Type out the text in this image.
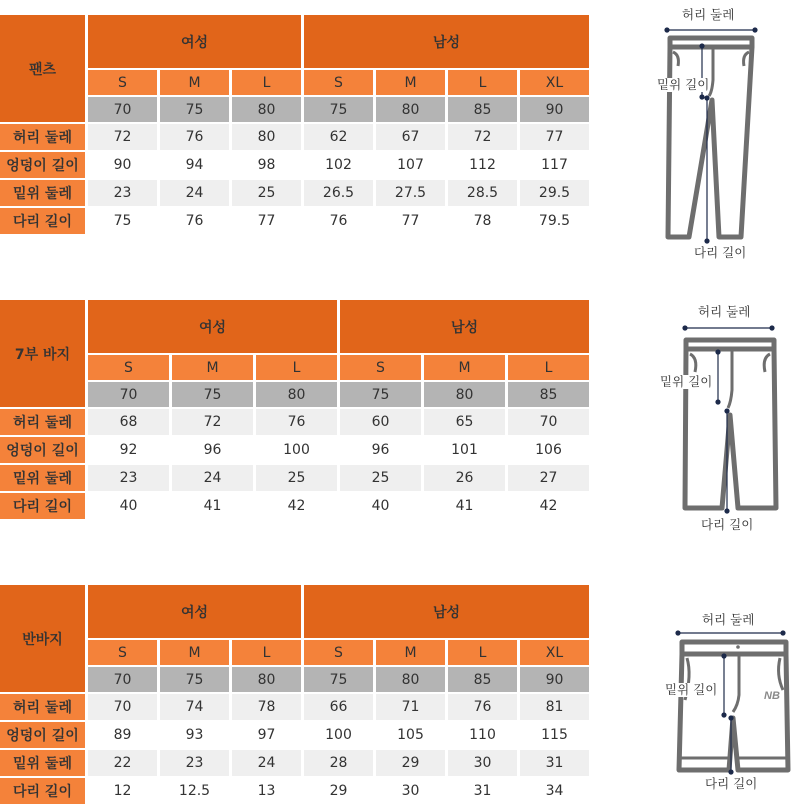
팬츠	여성			남성			
	S	M	L	S	M	L	XL
	70	75	80	75	80	85	90
허리 둘레	72	76	80	62	67	72	77
엉덩이 길이	90	94	98	102	107	112	117
밑위 둘레	23	24	25	26.5	27.5	28.5	29.5
다리 길이	75	76	77	76	77	78	79.5
허리 둘레
밑위 길이
다리 길이
7부 바지	여성			남성		
	S	M	L	S	M	L
	70	75	80	75	80	85
허리 둘레	68	72	76	60	65	70
엉덩이 길이	92	96	100	96	101	106
밑위 둘레	23	24	25	25	26	27
다리 길이	40	41	42	40	41	42
허리 둘레
밑위 길이
다리 길이
반바지	여성			남성			
	S	M	L	S	M	L	XL
	70	75	80	75	80	85	90
허리 둘레	70	74	78	66	71	76	81
엉덩이 길이	89	93	97	100	105	110	115
밑위 둘레	22	23	24	28	29	30	31
다리 길이	12	12.5	13	29	30	31	34
NB
허리 둘레
밑위 길이
다리 길이
